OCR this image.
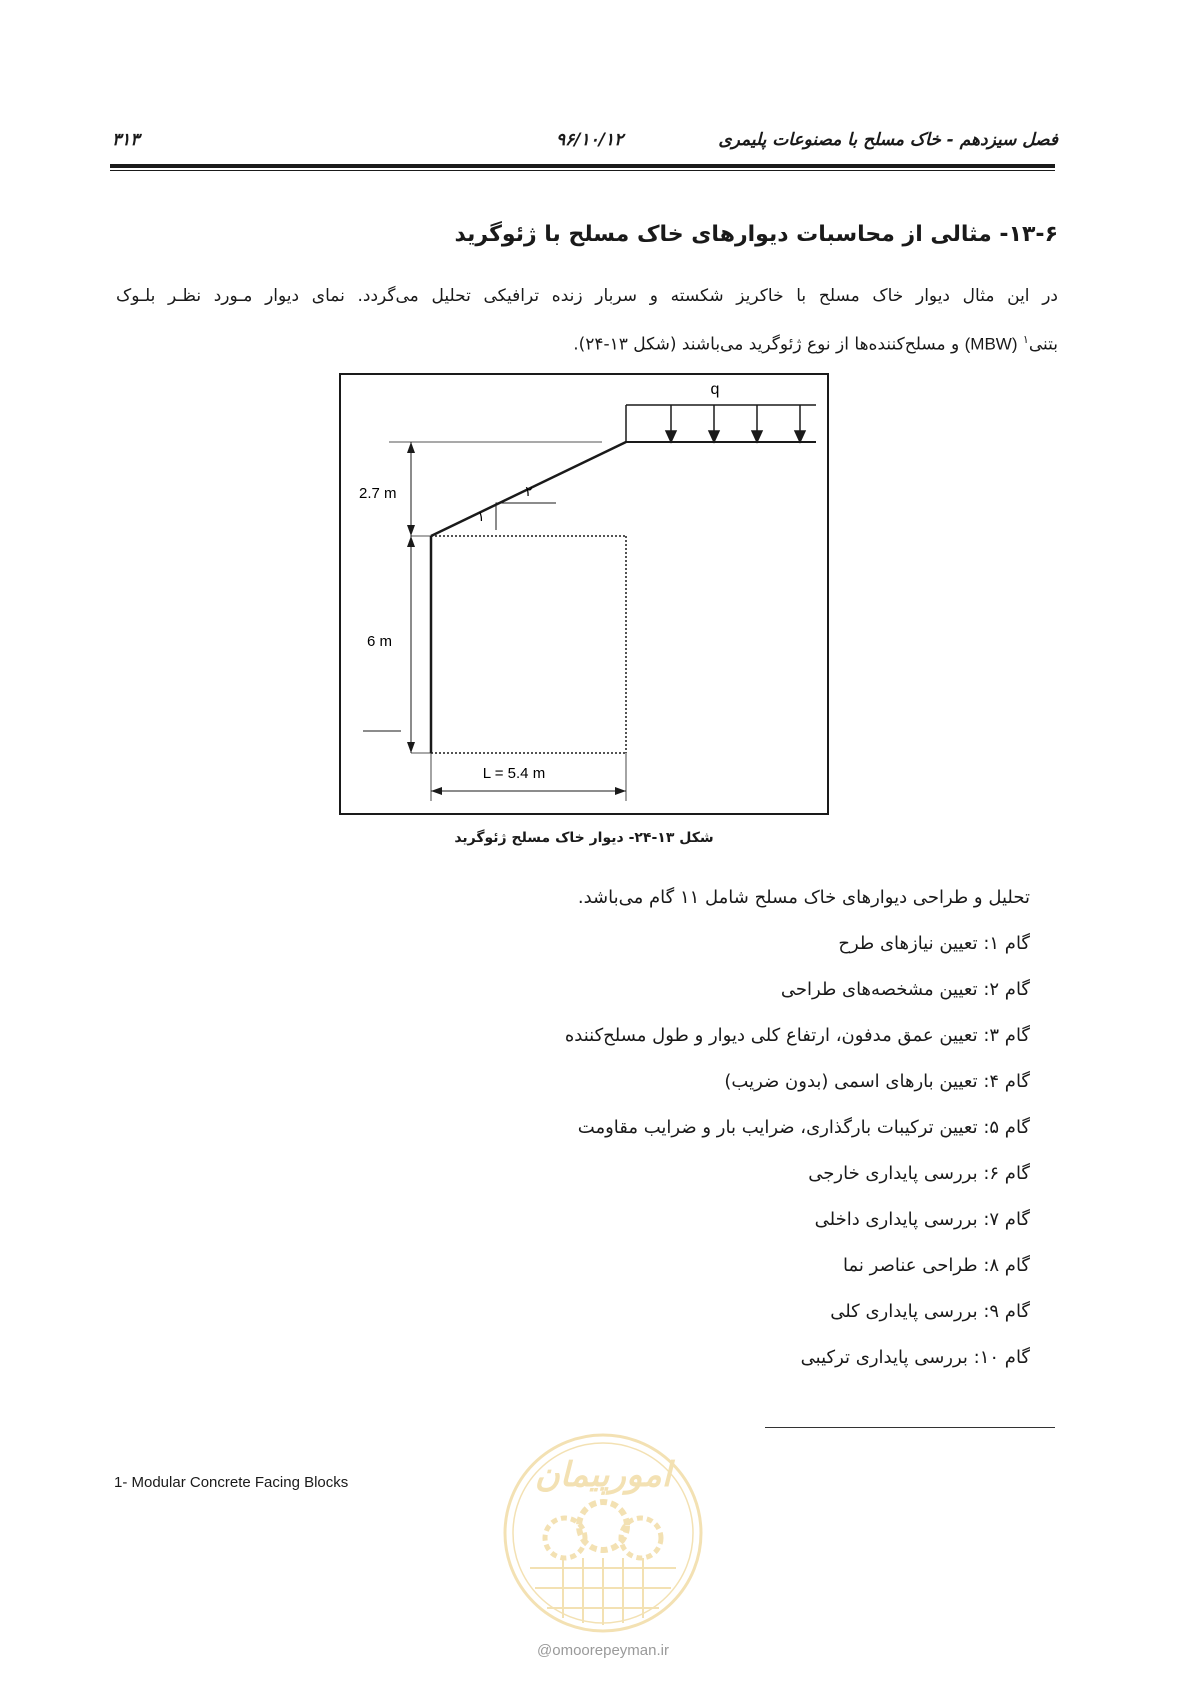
فصل سیزدهم - خاک مسلح با مصنوعات پلیمری
۹۶/۱۰/۱۲
۳۱۳
۱۳-۶- مثالی از محاسبات دیوارهای خاک مسلح با ژئوگرید
در این مثال دیوار خاک مسلح با خاکریز شکسته و سربار زنده ترافیکی تحلیل می‌گردد. نمای دیوار مـورد نظـر بلـوک
بتنی$^۱$ (MBW) و مسلح‌کننده‌ها از نوع ژئوگرید می‌باشند (شکل ۱۳-۲۴).
q
۲
۱
2.7 m
6 m
L = 5.4 m
شکل ۱۳-۲۴- دیوار خاک مسلح ژئوگرید
تحلیل و طراحی دیوارهای خاک مسلح شامل ۱۱ گام می‌باشد.
گام ۱: تعیین نیازهای طرح
گام ۲: تعیین مشخصه‌های طراحی
گام ۳: تعیین عمق مدفون، ارتفاع کلی دیوار و طول مسلح‌کننده
گام ۴: تعیین بارهای اسمی (بدون ضریب)
گام ۵: تعیین ترکیبات بارگذاری، ضرایب بار و ضرایب مقاومت
گام ۶: بررسی پایداری خارجی
گام ۷: بررسی پایداری داخلی
گام ۸: طراحی عناصر نما
گام ۹: بررسی پایداری کلی
گام ۱۰: بررسی پایداری ترکیبی
1- Modular Concrete Facing Blocks	امورپیمان
@omoorepeyman.ir
